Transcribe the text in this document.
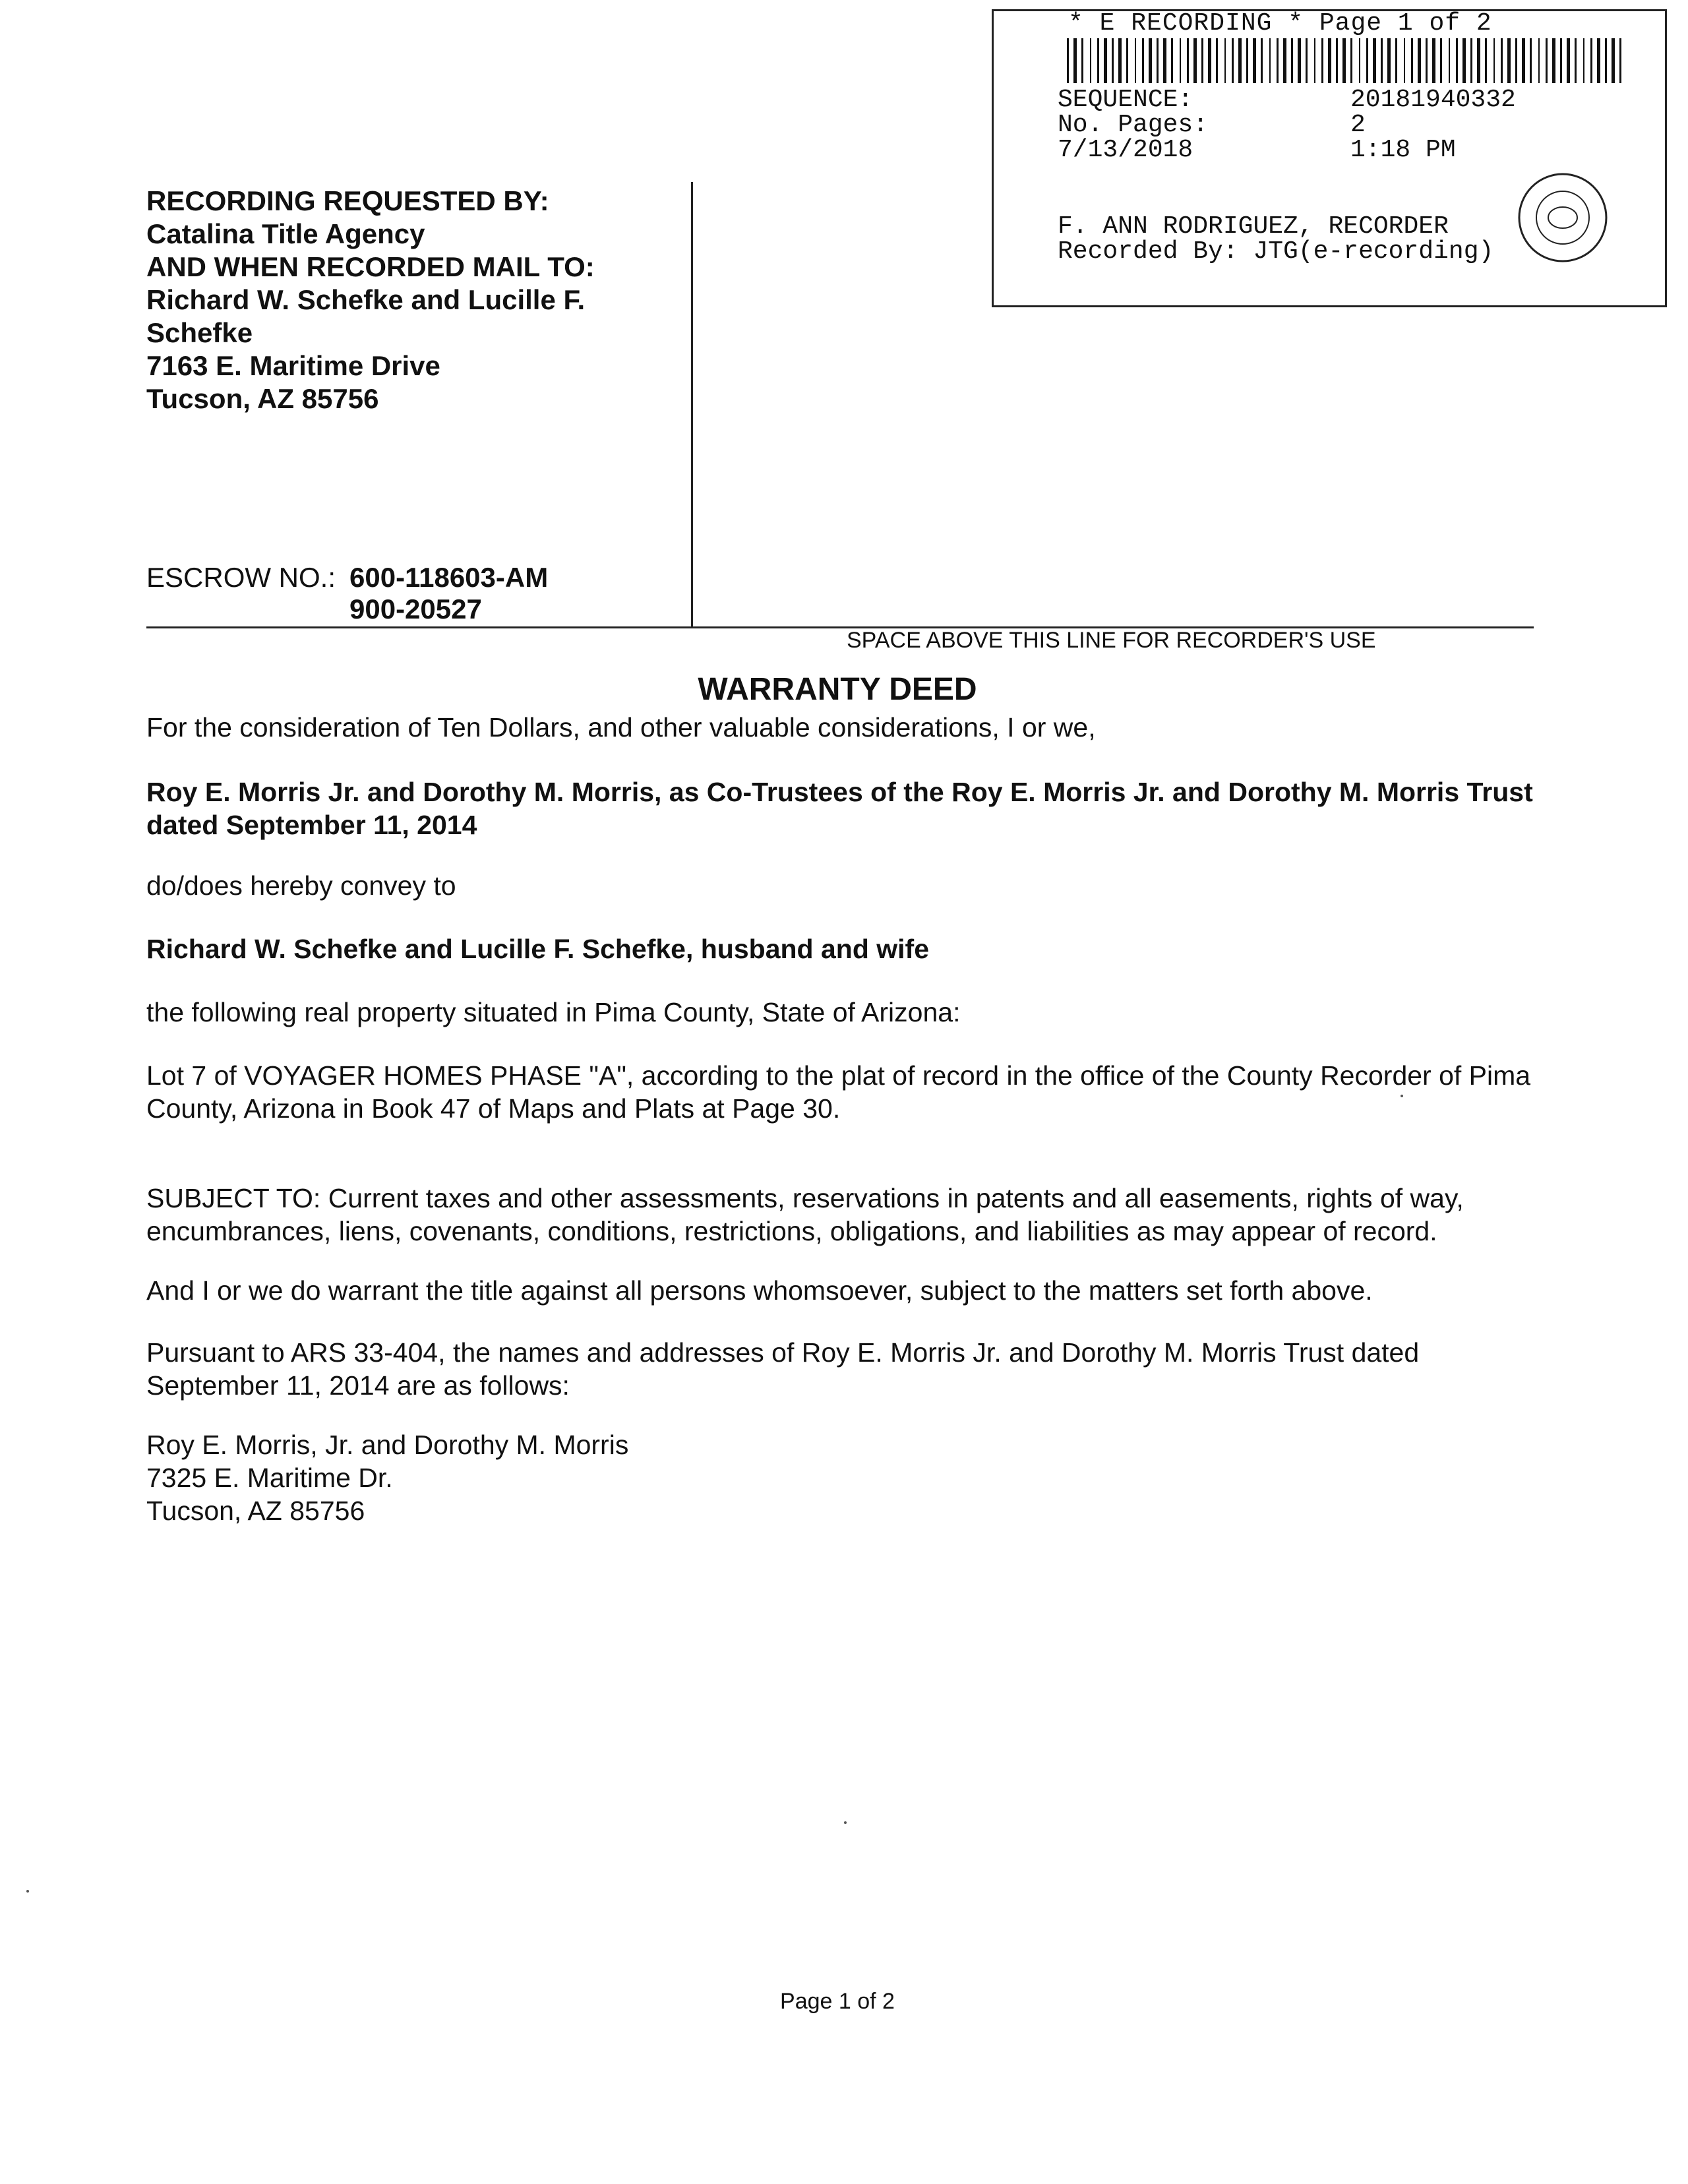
* E RECORDING * Page 1 of 2
SEQUENCE:	20181940332
No. Pages:	2
7/13/2018	1:18 PM
F. ANN RODRIGUEZ, RECORDER
Recorded By: JTG(e-recording)
RECORDING REQUESTED BY:
Catalina Title Agency
AND WHEN RECORDED MAIL TO:
Richard W. Schefke and Lucille F.
Schefke
7163 E. Maritime Drive
Tucson, AZ 85756
ESCROW NO.: 600-118603-AM
900-20527
SPACE ABOVE THIS LINE FOR RECORDER'S USE
WARRANTY DEED
For the consideration of Ten Dollars, and other valuable considerations, I or we,
Roy E. Morris Jr. and Dorothy M. Morris, as Co-Trustees of the Roy E. Morris Jr. and Dorothy M. Morris Trust dated September 11, 2014
do/does hereby convey to
Richard W. Schefke and Lucille F. Schefke, husband and wife
the following real property situated in Pima County, State of Arizona:
Lot 7 of VOYAGER HOMES PHASE "A", according to the plat of record in the office of the County Recorder of Pima County, Arizona in Book 47 of Maps and Plats at Page 30.
SUBJECT TO: Current taxes and other assessments, reservations in patents and all easements, rights of way, encumbrances, liens, covenants, conditions, restrictions, obligations, and liabilities as may appear of record.
And I or we do warrant the title against all persons whomsoever, subject to the matters set forth above.
Pursuant to ARS 33-404, the names and addresses of Roy E. Morris Jr. and Dorothy M. Morris Trust dated September 11, 2014 are as follows:
Roy E. Morris, Jr. and Dorothy M. Morris
7325 E. Maritime Dr.
Tucson, AZ 85756
Page 1 of 2
